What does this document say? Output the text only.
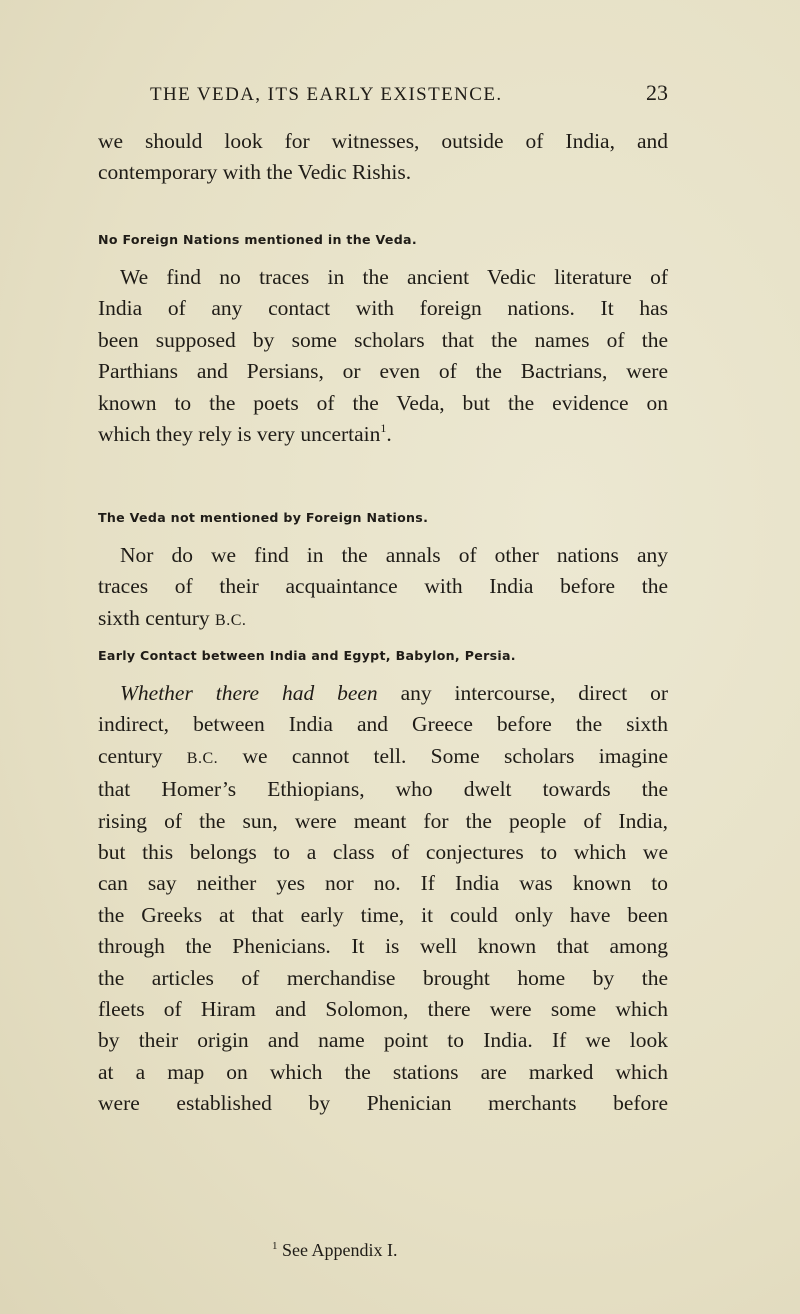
THE VEDA, ITS EARLY EXISTENCE.	23

we should look for witnesses, outside of India, and
contemporary with the Vedic Rishis.

No Foreign Nations mentioned in the Veda.

We find no traces in the ancient Vedic literature of
India of any contact with foreign nations. It has
been supposed by some scholars that the names of the
Parthians and Persians, or even of the Bactrians, were
known to the poets of the Veda, but the evidence on
which they rely is very uncertain$^1$.

The Veda not mentioned by Foreign Nations.

Nor do we find in the annals of other nations any
traces of their acquaintance with India before the
sixth century B.C.

Early Contact between India and Egypt, Babylon, Persia.

Whether there had been any intercourse, direct or
indirect, between India and Greece before the sixth
century B.C. we cannot tell. Some scholars imagine
that Homer’s Ethiopians, who dwelt towards the
rising of the sun, were meant for the people of India,
but this belongs to a class of conjectures to which we
can say neither yes nor no. If India was known to
the Greeks at that early time, it could only have been
through the Phenicians. It is well known that among
the articles of merchandise brought home by the
fleets of Hiram and Solomon, there were some which
by their origin and name point to India. If we look
at a map on which the stations are marked which
were established by Phenician merchants before

$^1$ See Appendix I.
